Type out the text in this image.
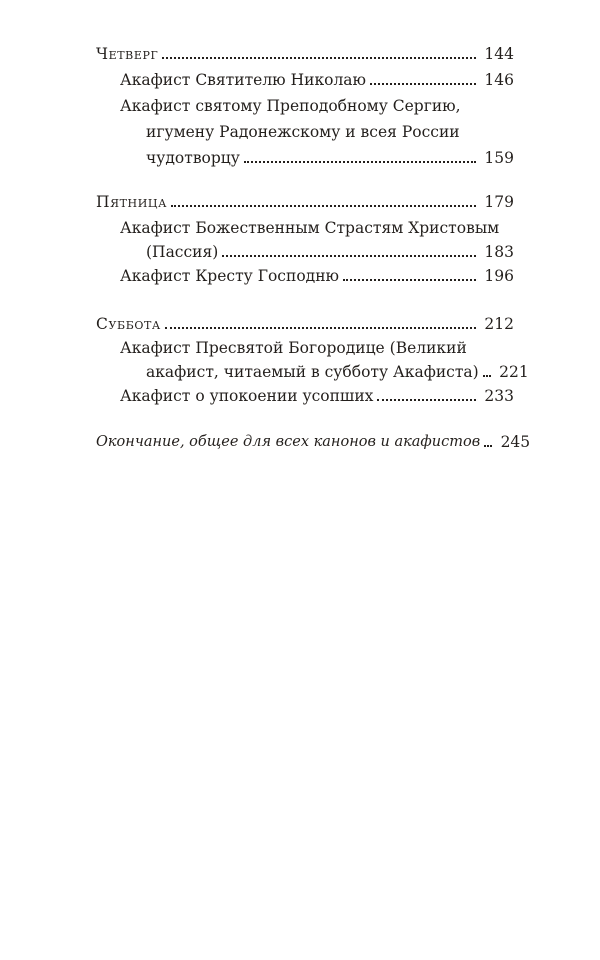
Четверг	144
Акафист Святителю Николаю	146
Акафист святому Преподобному Сергию,
игумену Радонежскому и всея России
чудотворцу	159
Пятница	179
Акафист Божественным Страстям Христовым
(Пассия)	183
Акафист Кресту Господню	196
Суббота	212
Акафист Пресвятой Богородице (Великий
акафист, читаемый в субботу Акафиста) 221
Акафист о упокоении усопших	233
Окончание, общее для всех канонов и акафистов 245
